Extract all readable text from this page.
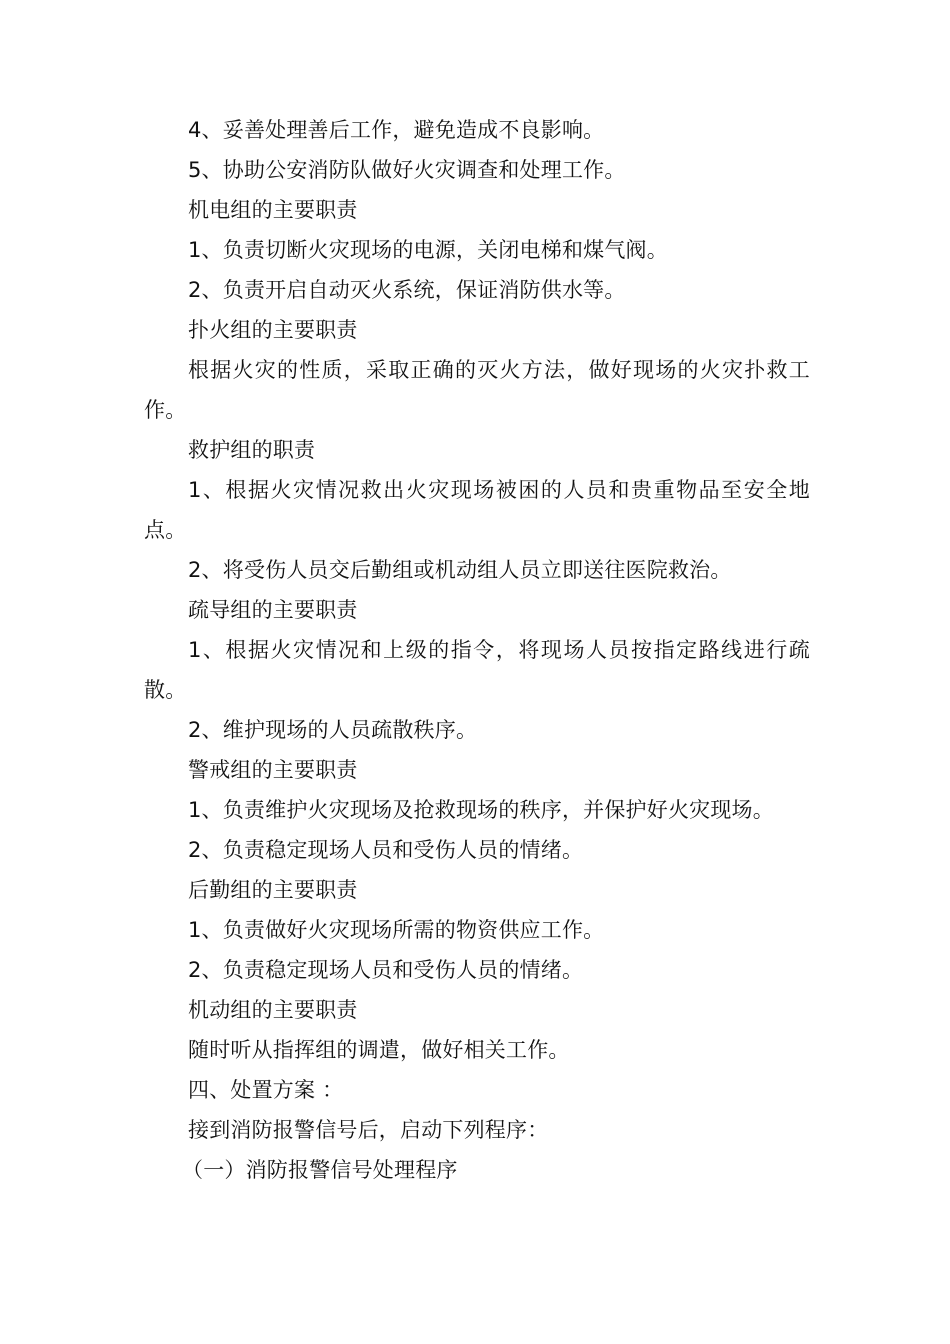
4、妥善处理善后工作，避免造成不良影响。

5、协助公安消防队做好火灾调查和处理工作。

机电组的主要职责

1、负责切断火灾现场的电源，关闭电梯和煤气阀。

2、负责开启自动灭火系统，保证消防供水等。

扑火组的主要职责

根据火灾的性质，采取正确的灭火方法，做好现场的火灾扑救工作。

救护组的职责

1、根据火灾情况救出火灾现场被困的人员和贵重物品至安全地点。

2、将受伤人员交后勤组或机动组人员立即送往医院救治。

疏导组的主要职责

1、根据火灾情况和上级的指令，将现场人员按指定路线进行疏散。

2、维护现场的人员疏散秩序。

警戒组的主要职责

1、负责维护火灾现场及抢救现场的秩序，并保护好火灾现场。

2、负责稳定现场人员和受伤人员的情绪。

后勤组的主要职责

1、负责做好火灾现场所需的物资供应工作。

2、负责稳定现场人员和受伤人员的情绪。

机动组的主要职责

随时听从指挥组的调遣，做好相关工作。

四、处置方案 ：

接到消防报警信号后，启动下列程序：

（一）消防报警信号处理程序
